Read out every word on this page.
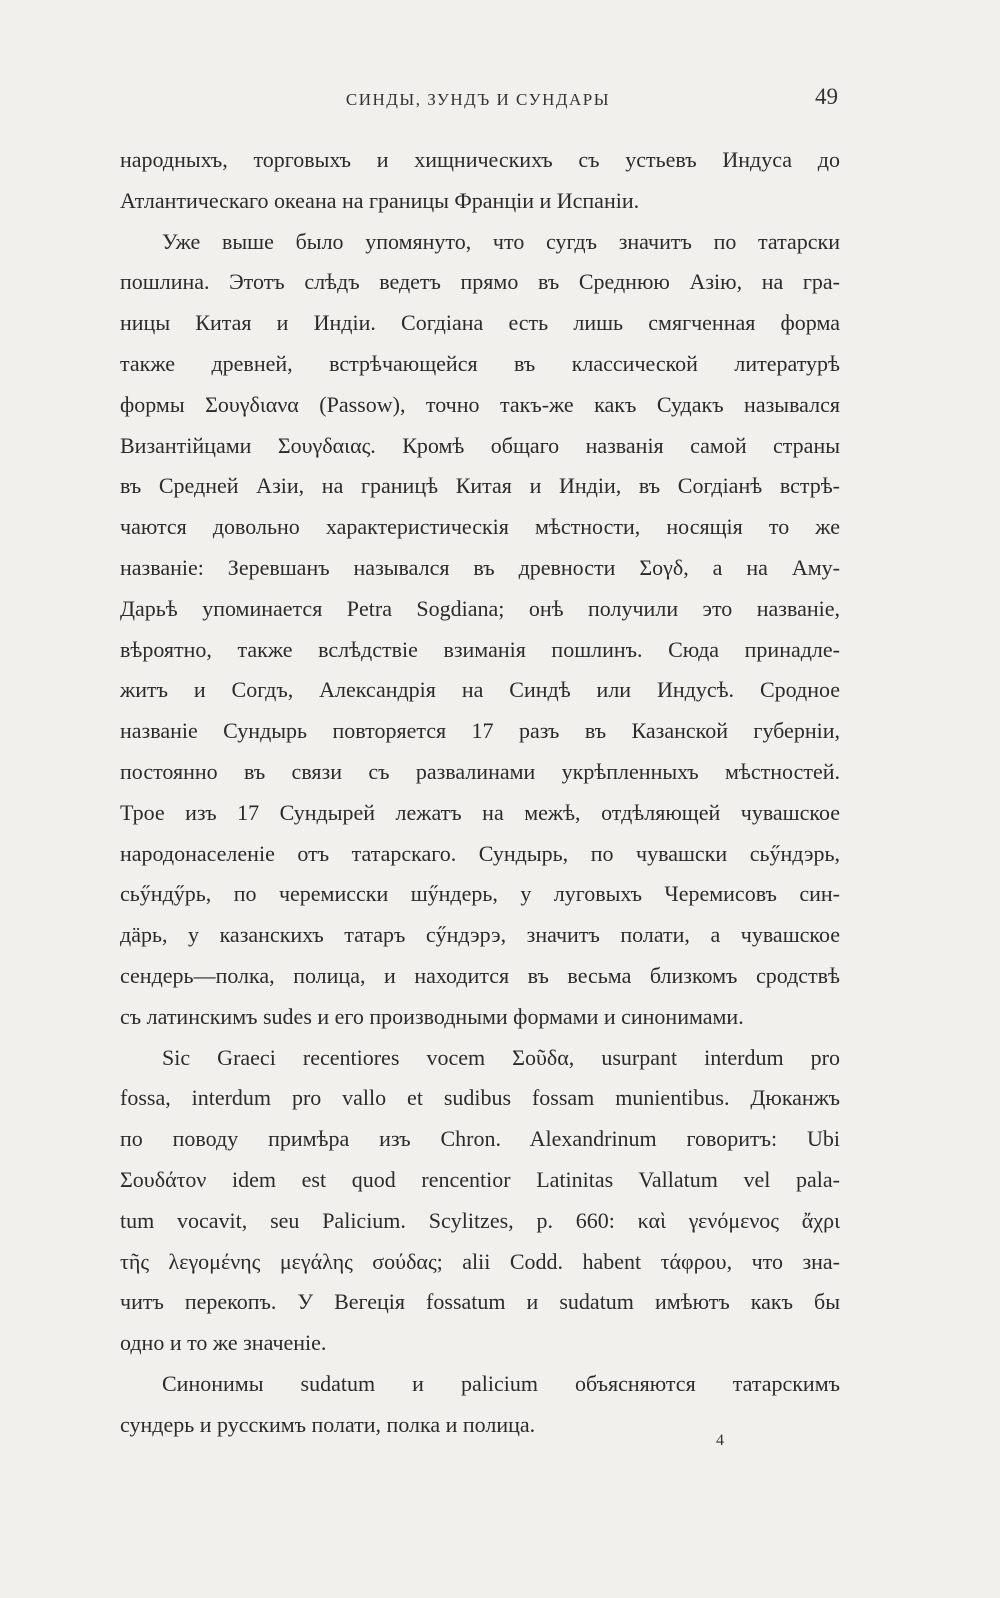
СИНДЫ, ЗУНДЪ И СУНДАРЫ	49
народныхъ, торговыхъ и хищническихъ съ устьевъ Индуса до
Атлантическаго океана на границы Франціи и Испаніи.
Уже выше было упомянуто, что сугдъ значитъ по татарски
пошлина. Этотъ слѣдъ ведетъ прямо въ Среднюю Азію, на гра-
ницы Китая и Индіи. Согдіана есть лишь смягченная форма
также древней, встрѣчающейся въ классической литературѣ
формы Σουγδιανα (Passow), точно такъ-же какъ Судакъ назывался
Византійцами Σουγδαιας. Кромѣ общаго названія самой страны
въ Средней Азіи, на границѣ Китая и Индіи, въ Согдіанѣ встрѣ-
чаются довольно характеристическія мѣстности, носящія то же
названіе: Зеревшанъ назывался въ древности Σογδ, а на Аму-
Дарьѣ упоминается Petra Sogdiana; онѣ получили это названіе,
вѣроятно, также вслѣдствіе взиманія пошлинъ. Сюда принадле-
житъ и Согдъ, Александрія на Синдѣ или Индусѣ. Сродное
названіе Сундырь повторяется 17 разъ въ Казанской губерніи,
постоянно въ связи съ развалинами укрѣпленныхъ мѣстностей.
Трое изъ 17 Сундырей лежатъ на межѣ, отдѣляющей чувашское
народонаселеніе отъ татарскаго. Сундырь, по чувашски сьӳндэрь,
сьӳндӳрь, по черемисски шӳндерь, у луговыхъ Черемисовъ син-
дäрь, у казанскихъ татаръ сӳндэрэ, значитъ полати, а чувашское
сендерь—полка, полица, и находится въ весьма близкомъ сродствѣ
съ латинскимъ sudes и его производными формами и синонимами.
Sic Graeci recentiores vocem Σοῦδα, usurpant interdum pro
fossa, interdum pro vallo et sudibus fossam munientibus. Дюканжъ
по поводу примѣра изъ Chron. Alexandrinum говоритъ: Ubi
Σουδάτον idem est quod rencentior Latinitas Vallatum vel pala-
tum vocavit, seu Palicium. Scylitzes, p. 660: καὶ γενόμενος ἄχρι
τῆς λεγομένης μεγάλης σούδας; alii Codd. habent τάφρου, что зна-
читъ перекопъ. У Вегеція fossatum и sudatum имѣютъ какъ бы
одно и то же значеніе.
Синонимы sudatum и palicium объясняются татарскимъ
сундерь и русскимъ полати, полка и полица.
4
